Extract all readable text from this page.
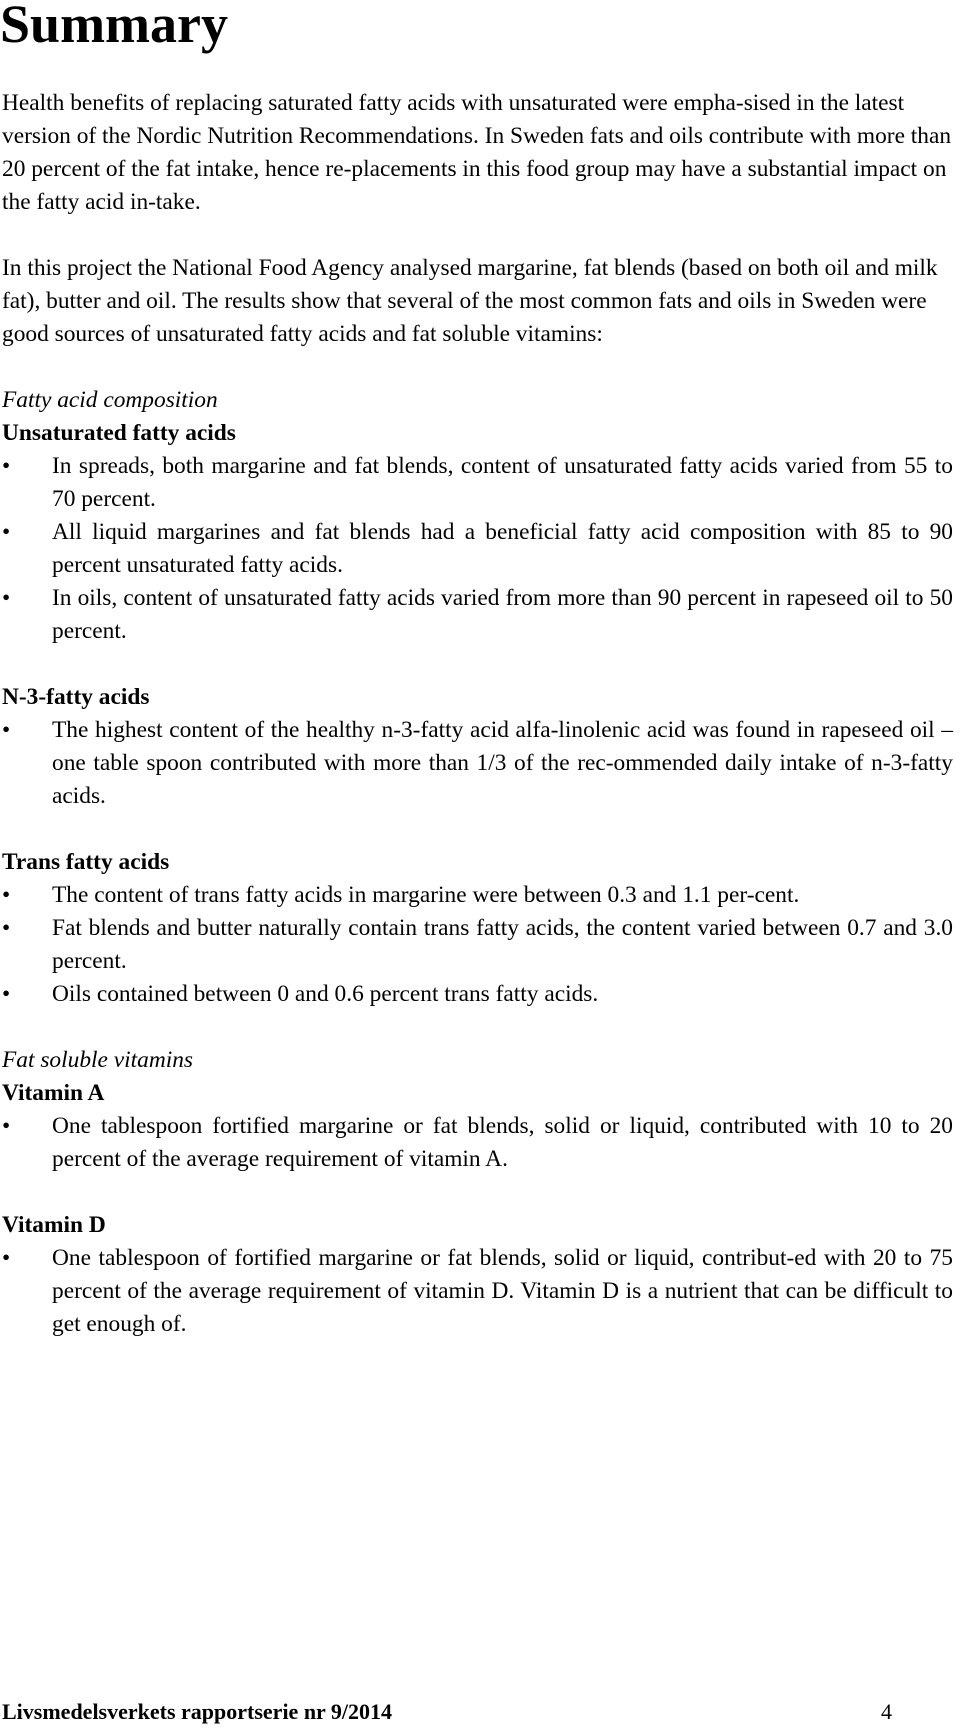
Summary

Health benefits of replacing saturated fatty acids with unsaturated were empha-sised in the latest version of the Nordic Nutrition Recommendations. In Sweden fats and oils contribute with more than 20 percent of the fat intake, hence re-placements in this food group may have a substantial impact on the fatty acid in-take.

In this project the National Food Agency analysed margarine, fat blends (based on both oil and milk fat), butter and oil. The results show that several of the most common fats and oils in Sweden were good sources of unsaturated fatty acids and fat soluble vitamins:

Fatty acid composition

Unsaturated fatty acids

• In spreads, both margarine and fat blends, content of unsaturated fatty acids varied from 55 to 70 percent.
• All liquid margarines and fat blends had a beneficial fatty acid composition with 85 to 90 percent unsaturated fatty acids.
• In oils, content of unsaturated fatty acids varied from more than 90 percent in rapeseed oil to 50 percent.

N-3-fatty acids

• The highest content of the healthy n-3-fatty acid alfa-linolenic acid was found in rapeseed oil – one table spoon contributed with more than 1/3 of the rec-ommended daily intake of n-3-fatty acids.

Trans fatty acids

• The content of trans fatty acids in margarine were between 0.3 and 1.1 per-cent.
• Fat blends and butter naturally contain trans fatty acids, the content varied between 0.7 and 3.0 percent.
• Oils contained between 0 and 0.6 percent trans fatty acids.

Fat soluble vitamins

Vitamin A

• One tablespoon fortified margarine or fat blends, solid or liquid, contributed with 10 to 20 percent of the average requirement of vitamin A.

Vitamin D

• One tablespoon of fortified margarine or fat blends, solid or liquid, contribut-ed with 20 to 75 percent of the average requirement of vitamin D. Vitamin D is a nutrient that can be difficult to get enough of.
Livsmedelsverkets rapportserie nr 9/2014	4
